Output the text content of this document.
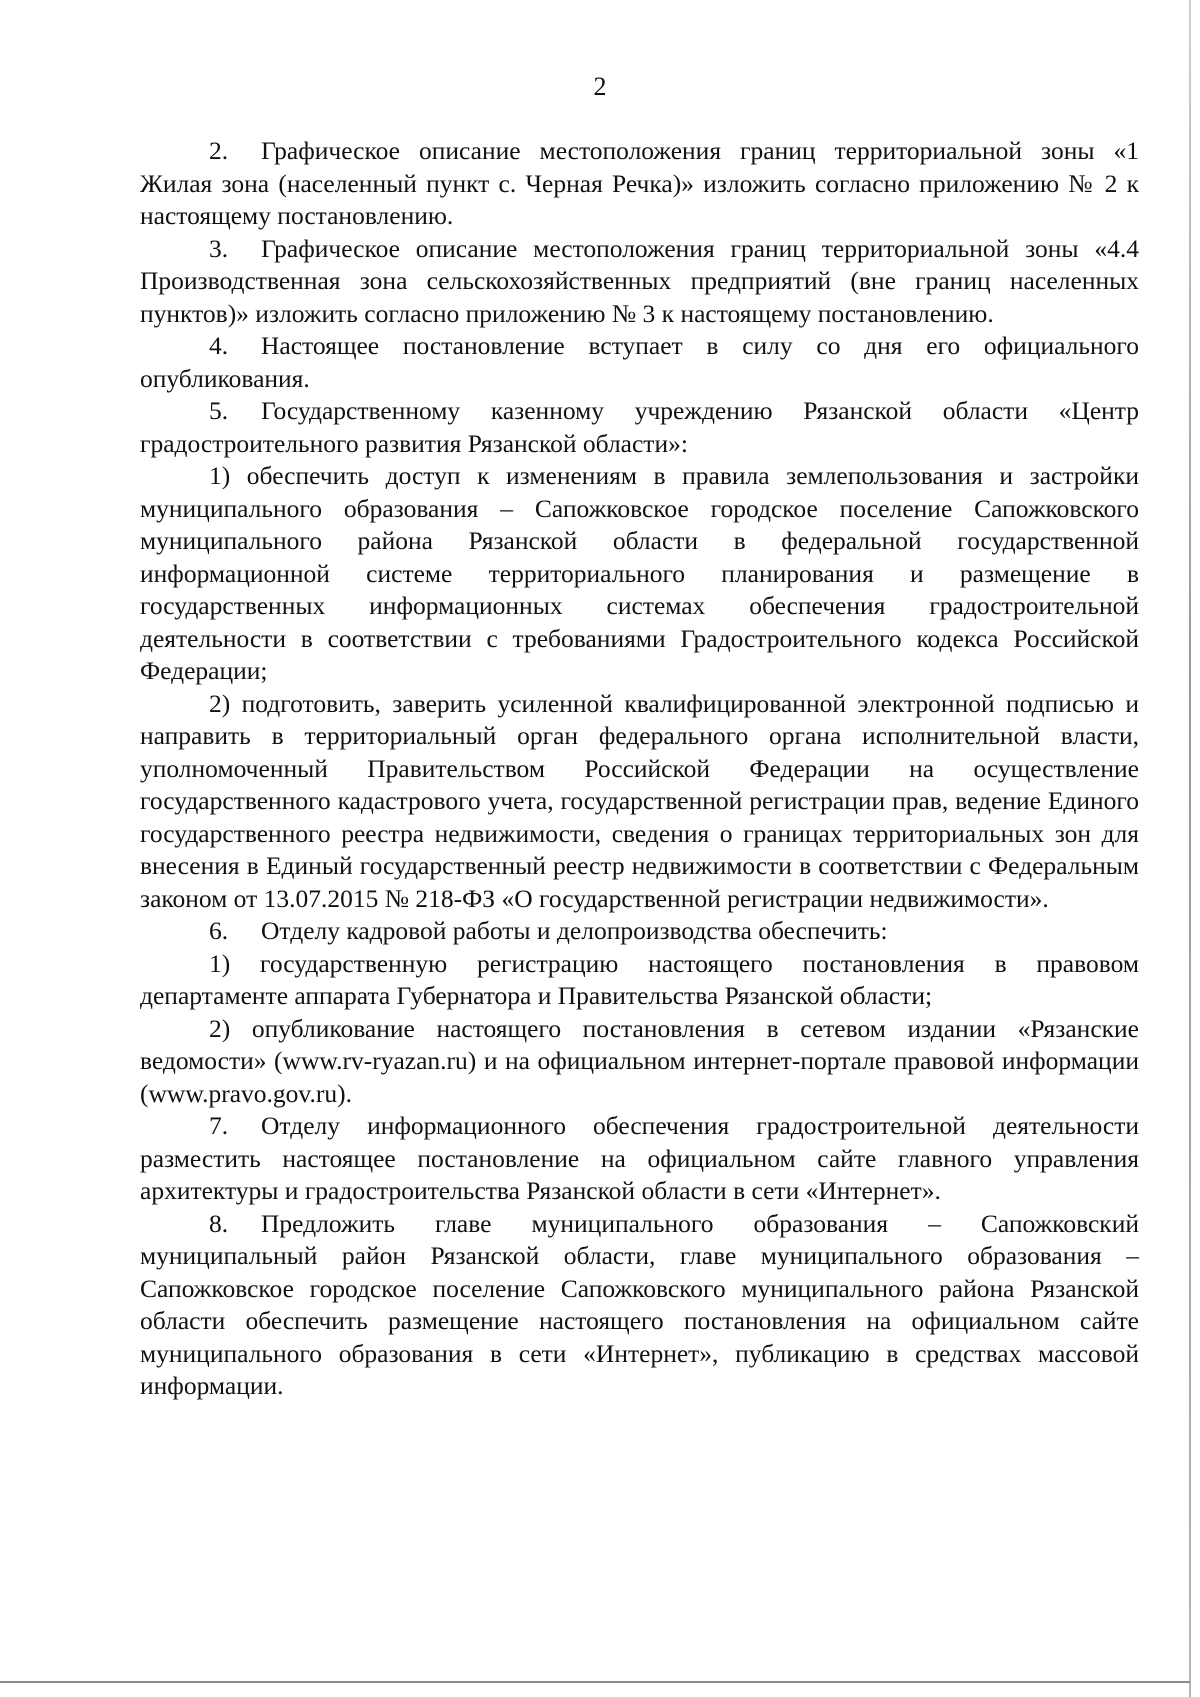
2

2. Графическое описание местоположения границ территориальной зоны «1 Жилая зона (населенный пункт с. Черная Речка)» изложить согласно приложению № 2 к настоящему постановлению.

3. Графическое описание местоположения границ территориальной зоны «4.4 Производственная зона сельскохозяйственных предприятий (вне границ населенных пунктов)» изложить согласно приложению № 3 к настоящему постановлению.

4. Настоящее постановление вступает в силу со дня его официального опубликования.

5. Государственному казенному учреждению Рязанской области «Центр градостроительного развития Рязанской области»:

1) обеспечить доступ к изменениям в правила землепользования и застройки муниципального образования – Сапожковское городское поселение Сапожковского муниципального района Рязанской области в федеральной государственной информационной системе территориального планирования и размещение в государственных информационных системах обеспечения градостроительной деятельности в соответствии с требованиями Градостроительного кодекса Российской Федерации;

2) подготовить, заверить усиленной квалифицированной электронной подписью и направить в территориальный орган федерального органа исполнительной власти, уполномоченный Правительством Российской Федерации на осуществление государственного кадастрового учета, государственной регистрации прав, ведение Единого государственного реестра недвижимости, сведения о границах территориальных зон для внесения в Единый государственный реестр недвижимости в соответствии с Федеральным законом от 13.07.2015 № 218-ФЗ «О государственной регистрации недвижимости».

6. Отделу кадровой работы и делопроизводства обеспечить:

1) государственную регистрацию настоящего постановления в правовом департаменте аппарата Губернатора и Правительства Рязанской области;

2) опубликование настоящего постановления в сетевом издании «Рязанские ведомости» (www.rv-ryazan.ru) и на официальном интернет-портале правовой информации (www.pravo.gov.ru).

7. Отделу информационного обеспечения градостроительной деятельности разместить настоящее постановление на официальном сайте главного управления архитектуры и градостроительства Рязанской области в сети «Интернет».

8. Предложить главе муниципального образования – Сапожковский муниципальный район Рязанской области, главе муниципального образования – Сапожковское городское поселение Сапожковского муниципального района Рязанской области обеспечить размещение настоящего постановления на официальном сайте муниципального образования в сети «Интернет», публикацию в средствах массовой информации.
